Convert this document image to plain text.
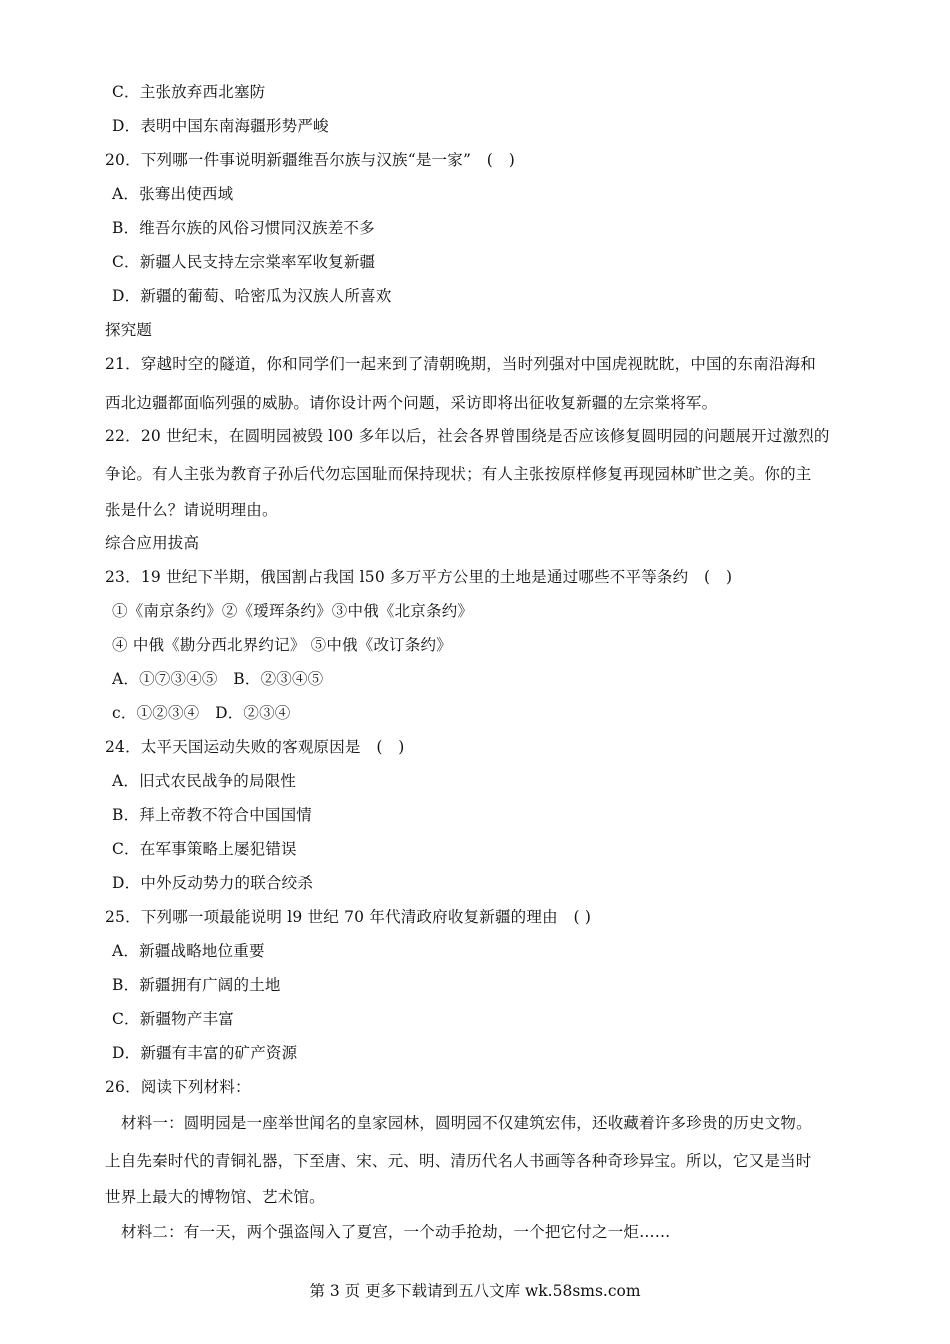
C．主张放弃西北塞防
D．表明中国东南海疆形势严峻
20．下列哪一件事说明新疆维吾尔族与汉族“是一家”　(　)
A．张骞出使西域
B．维吾尔族的风俗习惯同汉族差不多
C．新疆人民支持左宗棠率军收复新疆
D．新疆的葡萄、哈密瓜为汉族人所喜欢
探究题
21．穿越时空的隧道，你和同学们一起来到了清朝晚期，当时列强对中国虎视眈眈，中国的东南沿海和
西北边疆都面临列强的威胁。请你设计两个问题，采访即将出征收复新疆的左宗棠将军。
22．20 世纪末，在圆明园被毁 l00 多年以后，社会各界曾围绕是否应该修复圆明园的问题展开过激烈的
争论。有人主张为教育子孙后代勿忘国耻而保持现状；有人主张按原样修复再现园林旷世之美。你的主
张是什么？请说明理由。
综合应用拔高
23．19 世纪下半期，俄国割占我国 l50 多万平方公里的土地是通过哪些不平等条约　(　)
①《南京条约》②《瑷珲条约》③中俄《北京条约》
④ 中俄《勘分西北界约记》 ⑤中俄《改订条约》
A．①⑦③④⑤　B．②③④⑤
c．①②③④　D．②③④
24．太平天国运动失败的客观原因是　(　)
A．旧式农民战争的局限性
B．拜上帝教不符合中国国情
C．在军事策略上屡犯错误
D．中外反动势力的联合绞杀
25．下列哪一项最能说明 l9 世纪 70 年代清政府收复新疆的理由　( )
A．新疆战略地位重要
B．新疆拥有广阔的土地
C．新疆物产丰富
D．新疆有丰富的矿产资源
26．阅读下列材料：
材料一：圆明园是一座举世闻名的皇家园林，圆明园不仅建筑宏伟，还收藏着许多珍贵的历史文物。
上自先秦时代的青铜礼器，下至唐、宋、元、明、清历代名人书画等各种奇珍异宝。所以，它又是当时
世界上最大的博物馆、艺术馆。
材料二：有一天，两个强盗闯入了夏宫，一个动手抢劫，一个把它付之一炬……
第 3 页 更多下载请到五八文库 wk.58sms.com
